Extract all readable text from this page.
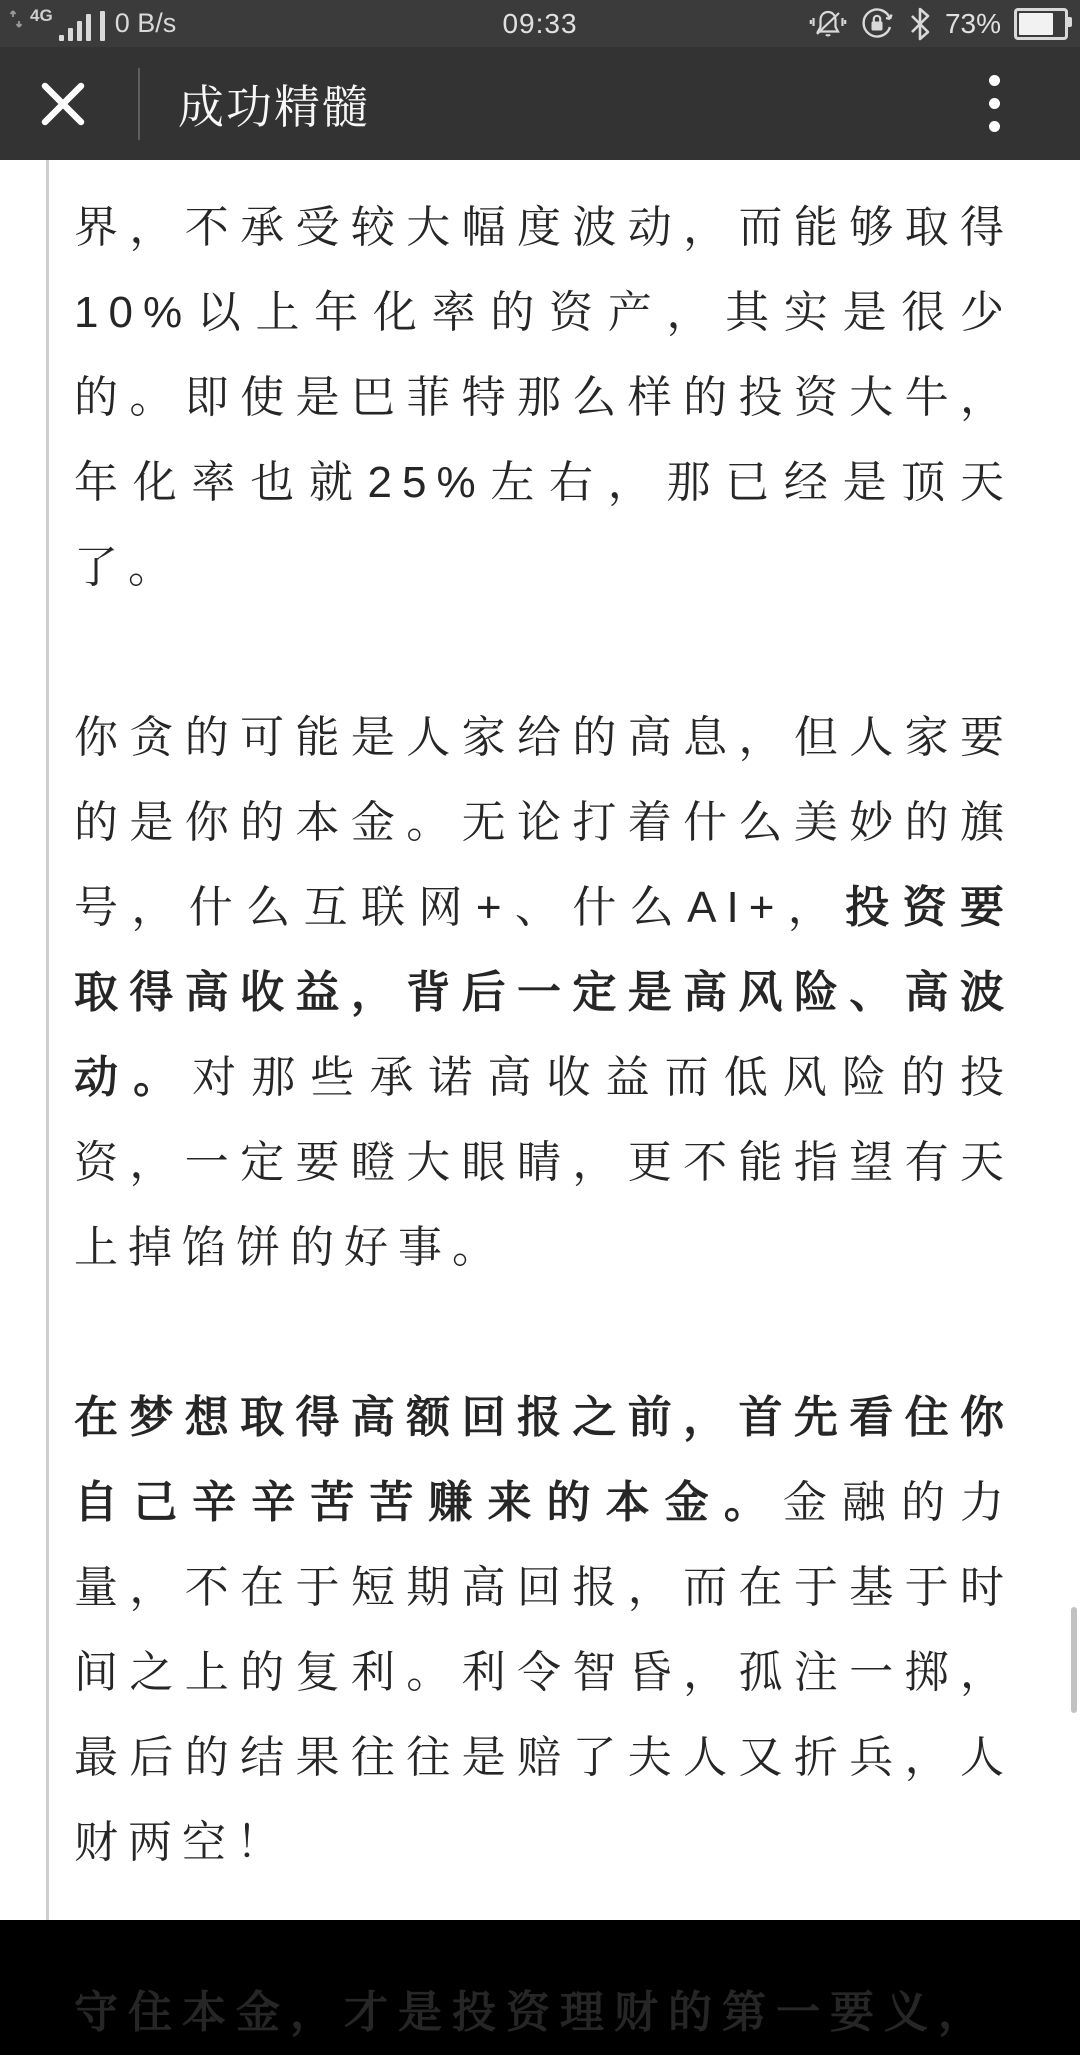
4G 0 B/s	09:33	73%
成功精髓

界，不承受较大幅度波动，而能够取得10%以上年化率的资产，其实是很少的。即使是巴菲特那么样的投资大牛，年化率也就25%左右，那已经是顶天了。

你贪的可能是人家给的高息，但人家要的是你的本金。无论打着什么美妙的旗号，什么互联网+、什么AI+，投资要取得高收益，背后一定是高风险、高波动。对那些承诺高收益而低风险的投资，一定要瞪大眼睛，更不能指望有天上掉馅饼的好事。

在梦想取得高额回报之前，首先看住你自己辛辛苦苦赚来的本金。金融的力量，不在于短期高回报，而在于基于时间之上的复利。利令智昏，孤注一掷，最后的结果往往是赔了夫人又折兵，人财两空！

守住本金，才是投资理财的第一要义，
